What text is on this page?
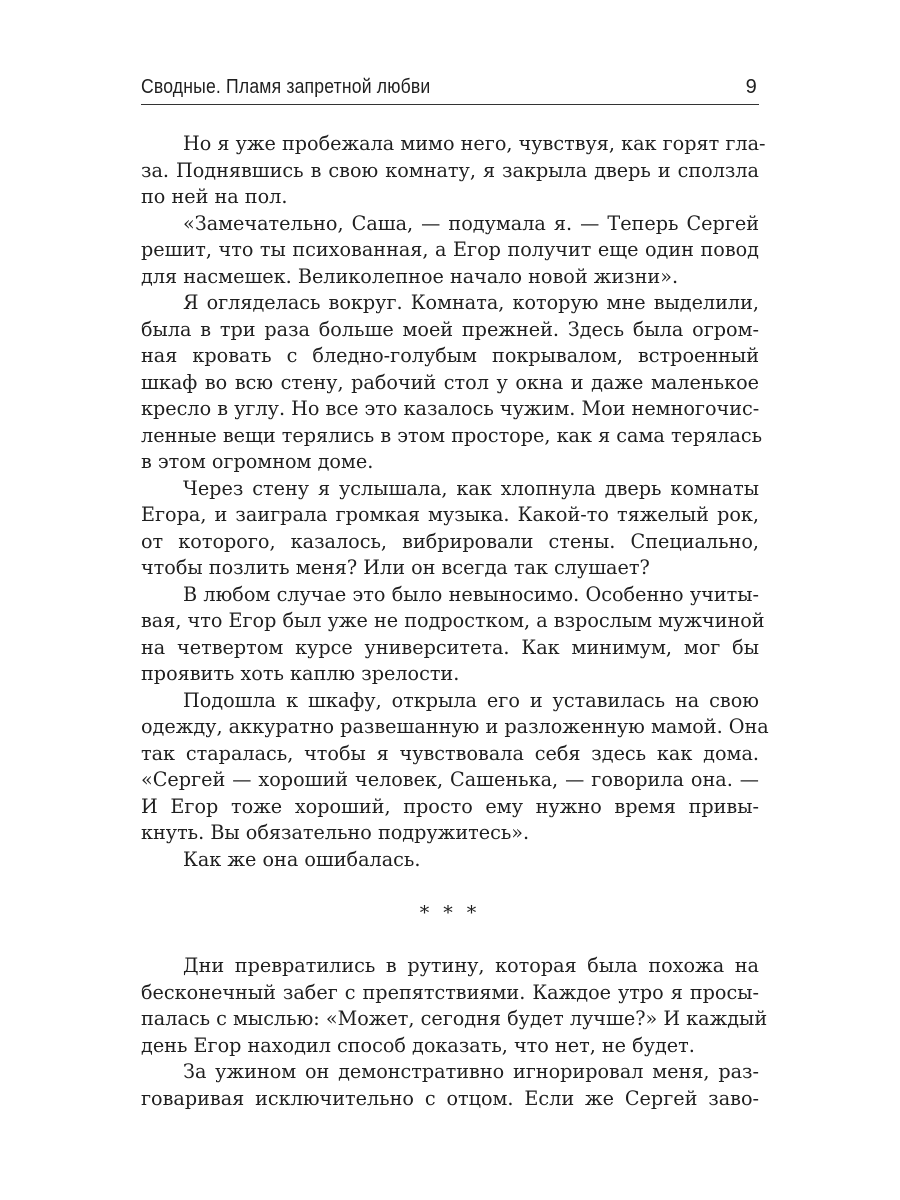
Сводные. Пламя запретной любви	9
Но я уже пробежала мимо него, чувствуя, как горят гла-
за. Поднявшись в свою комнату, я закрыла дверь и сползла
по ней на пол.
«Замечательно, Саша, — подумала я. — Теперь Сергей
решит, что ты психованная, а Егор получит еще один повод
для насмешек. Великолепное начало новой жизни».
Я огляделась вокруг. Комната, которую мне выделили,
была в три раза больше моей прежней. Здесь была огром-
ная кровать с бледно-голубым покрывалом, встроенный
шкаф во всю стену, рабочий стол у окна и даже маленькое
кресло в углу. Но все это казалось чужим. Мои немногочис-
ленные вещи терялись в этом просторе, как я сама терялась
в этом огромном доме.
Через стену я услышала, как хлопнула дверь комнаты
Егора, и заиграла громкая музыка. Какой-то тяжелый рок,
от которого, казалось, вибрировали стены. Специально,
чтобы позлить меня? Или он всегда так слушает?
В любом случае это было невыносимо. Особенно учиты-
вая, что Егор был уже не подростком, а взрослым мужчиной
на четвертом курсе университета. Как минимум, мог бы
проявить хоть каплю зрелости.
Подошла к шкафу, открыла его и уставилась на свою
одежду, аккуратно развешанную и разложенную мамой. Она
так старалась, чтобы я чувствовала себя здесь как дома.
«Сергей — хороший человек, Сашенька, — говорила она. —
И Егор тоже хороший, просто ему нужно время привы-
кнуть. Вы обязательно подружитесь».
Как же она ошибалась.
* * *
Дни превратились в рутину, которая была похожа на
бесконечный забег с препятствиями. Каждое утро я просы-
палась с мыслью: «Может, сегодня будет лучше?» И каждый
день Егор находил способ доказать, что нет, не будет.
За ужином он демонстративно игнорировал меня, раз-
говаривая исключительно с отцом. Если же Сергей заво-
